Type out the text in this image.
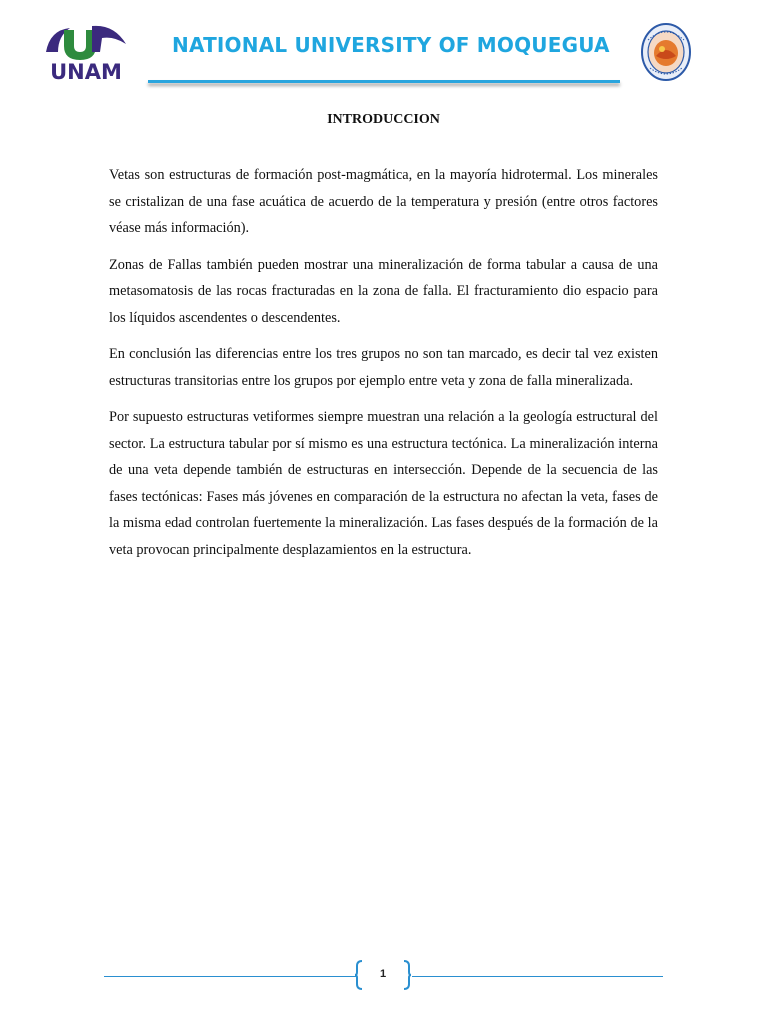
UNAM
NATIONAL UNIVERSITY OF MOQUEGUA
INTRODUCCION

Vetas son estructuras de formación post-magmática, en la mayoría hidrotermal. Los minerales se cristalizan de una fase acuática de acuerdo de la temperatura y presión (entre otros factores véase más información).

Zonas de Fallas también pueden mostrar una mineralización de forma tabular a causa de una metasomatosis de las rocas fracturadas en la zona de falla. El fracturamiento dio espacio para los líquidos ascendentes o descendentes.

En conclusión las diferencias entre los tres grupos no son tan marcado, es decir tal vez existen estructuras transitorias entre los grupos por ejemplo entre veta y zona de falla mineralizada.

Por supuesto estructuras vetiformes siempre muestran una relación a la geología estructural del sector. La estructura tabular por sí mismo es una estructura tectónica. La mineralización interna de una veta depende también de estructuras en intersección. Depende de la secuencia de las fases tectónicas: Fases más jóvenes en comparación de la estructura no afectan la veta, fases de la misma edad controlan fuertemente la mineralización. Las fases después de la formación de la veta provocan principalmente desplazamientos en la estructura.

1
